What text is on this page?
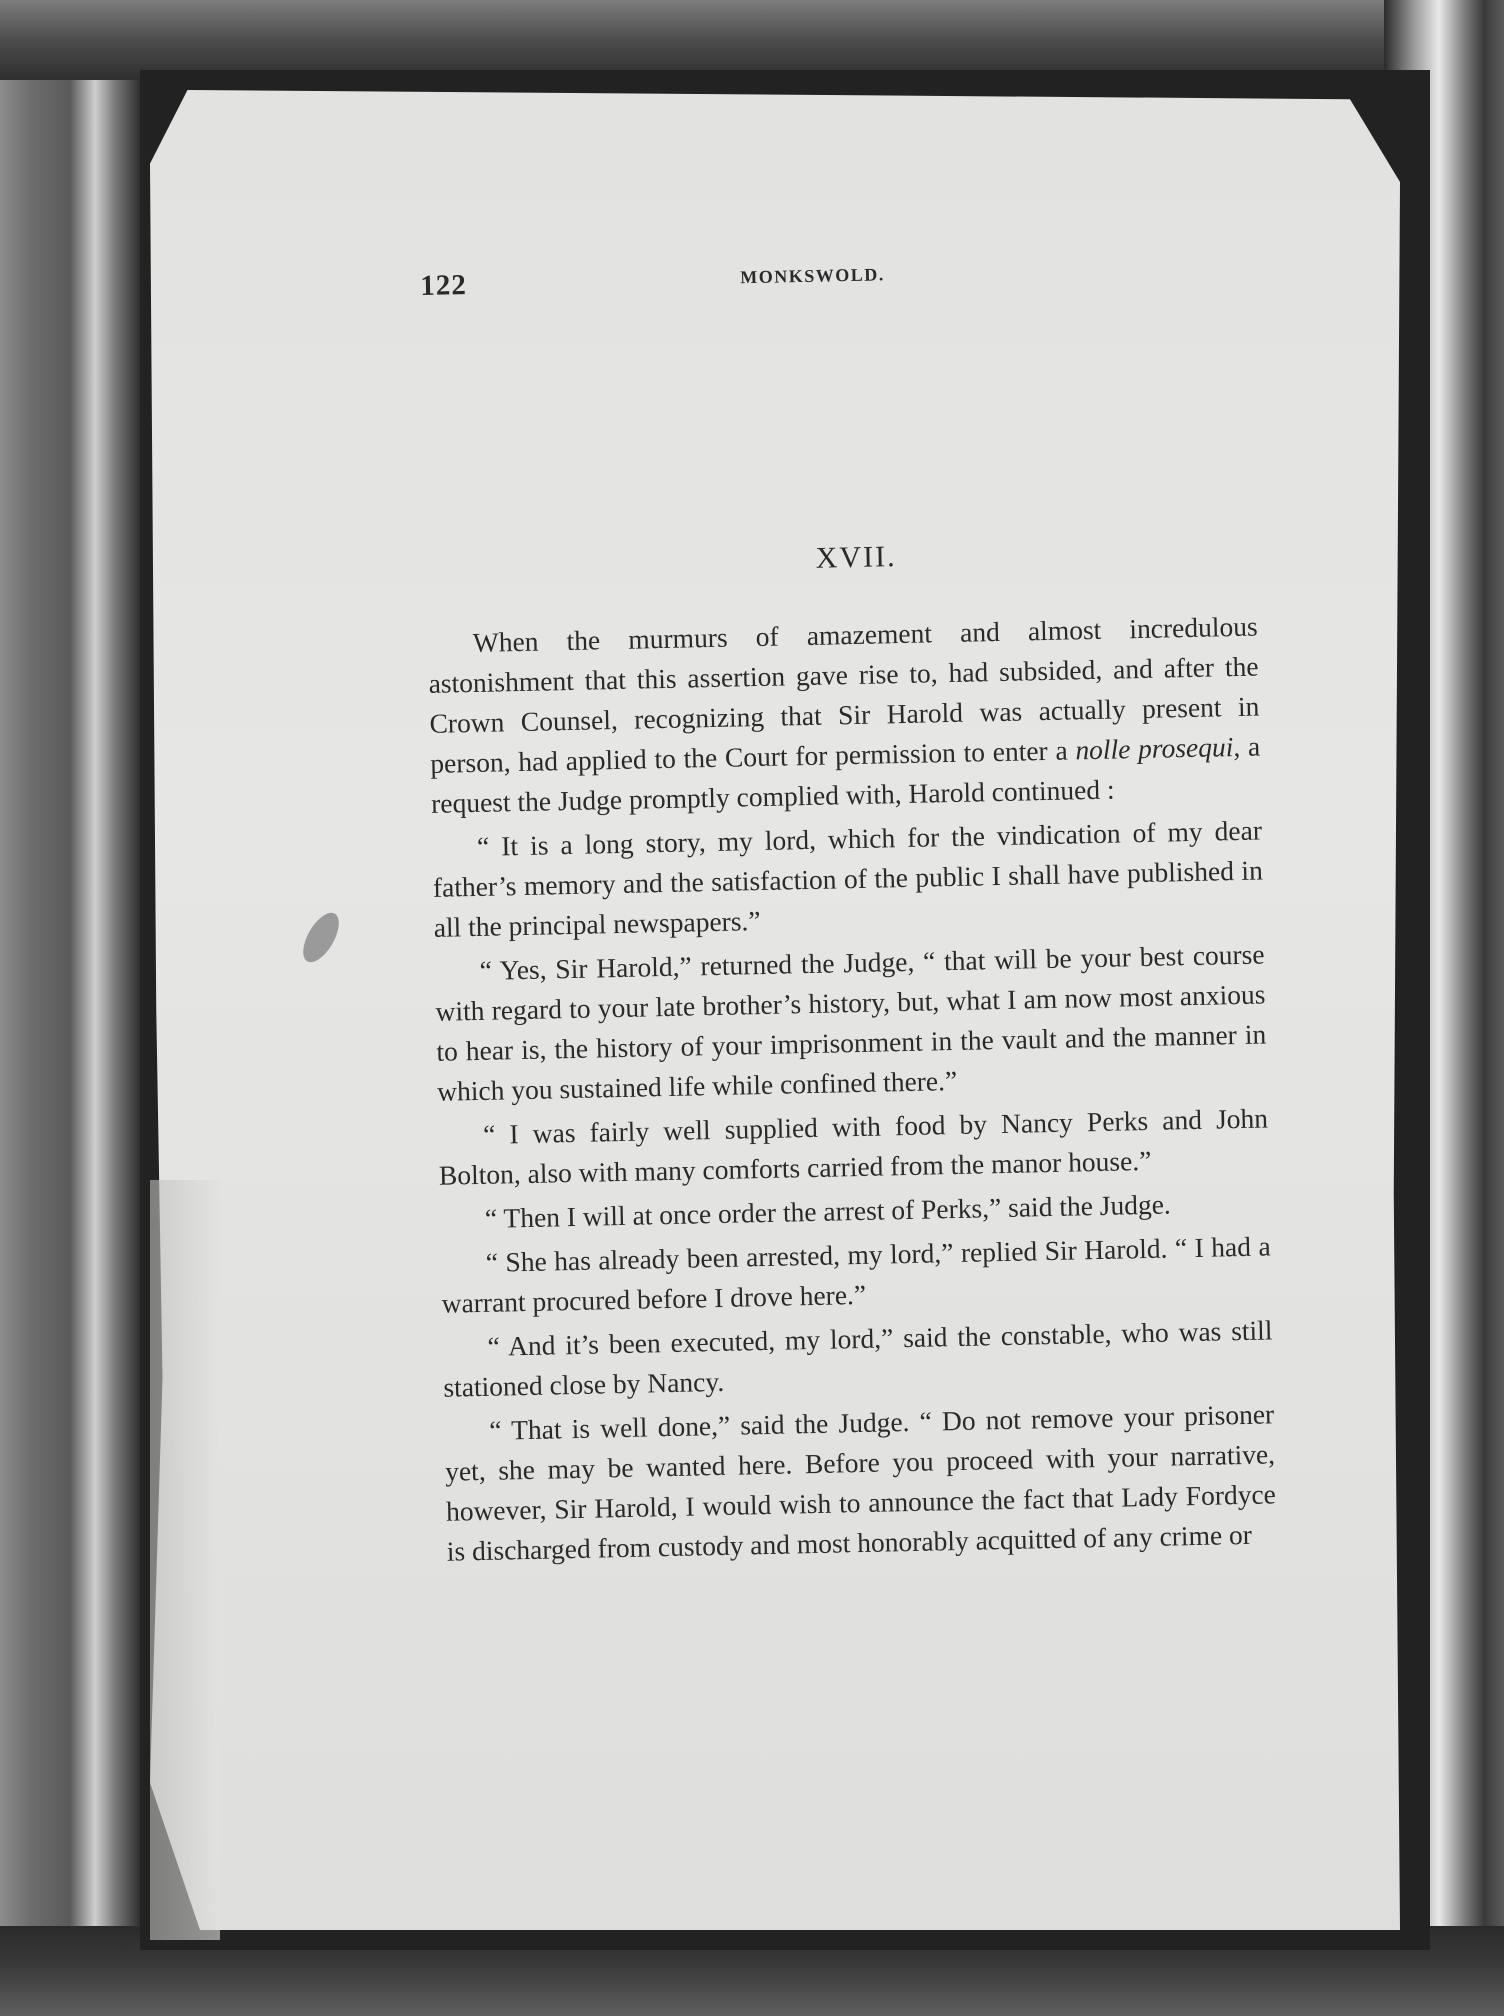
122	MONKSWOLD.
XVII.

When the murmurs of amazement and almost incredulous astonishment that this assertion gave rise to, had subsided, and after the Crown Counsel, recognizing that Sir Harold was actually present in person, had applied to the Court for permission to enter a nolle prosequi, a request the Judge promptly complied with, Harold continued :

“ It is a long story, my lord, which for the vindication of my dear father’s memory and the satisfaction of the public I shall have published in all the principal newspapers.”

“ Yes, Sir Harold,” returned the Judge, “ that will be your best course with regard to your late brother’s history, but, what I am now most anxious to hear is, the history of your imprisonment in the vault and the manner in which you sustained life while confined there.”

“ I was fairly well supplied with food by Nancy Perks and John Bolton, also with many comforts carried from the manor house.”

“ Then I will at once order the arrest of Perks,” said the Judge.

“ She has already been arrested, my lord,” replied Sir Harold. “ I had a warrant procured before I drove here.”

“ And it’s been executed, my lord,” said the constable, who was still stationed close by Nancy.

“ That is well done,” said the Judge. “ Do not remove your prisoner yet, she may be wanted here. Before you proceed with your narrative, however, Sir Harold, I would wish to announce the fact that Lady Fordyce is discharged from custody and most honorably acquitted of any crime or
